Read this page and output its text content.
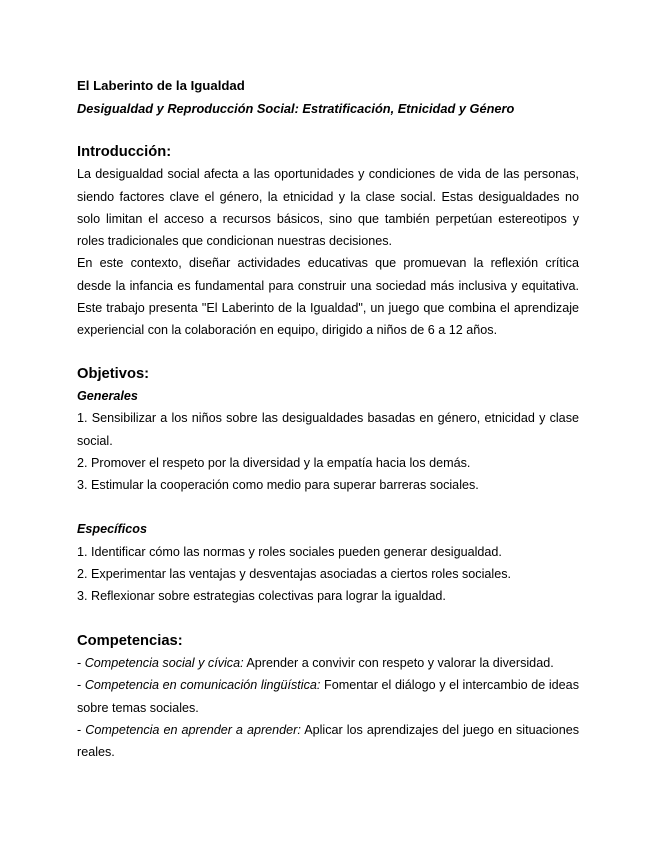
El Laberinto de la Igualdad
Desigualdad y Reproducción Social: Estratificación, Etnicidad y Género
Introducción:

La desigualdad social afecta a las oportunidades y condiciones de vida de las personas, siendo factores clave el género, la etnicidad y la clase social. Estas desigualdades no solo limitan el acceso a recursos básicos, sino que también perpetúan estereotipos y roles tradicionales que condicionan nuestras decisiones.

En este contexto, diseñar actividades educativas que promuevan la reflexión crítica desde la infancia es fundamental para construir una sociedad más inclusiva y equitativa. Este trabajo presenta "El Laberinto de la Igualdad", un juego que combina el aprendizaje experiencial con la colaboración en equipo, dirigido a niños de 6 a 12 años.

Objetivos:
Generales

1. Sensibilizar a los niños sobre las desigualdades basadas en género, etnicidad y clase social.

2. Promover el respeto por la diversidad y la empatía hacia los demás.

3. Estimular la cooperación como medio para superar barreras sociales.

Específicos

1. Identificar cómo las normas y roles sociales pueden generar desigualdad.

2. Experimentar las ventajas y desventajas asociadas a ciertos roles sociales.

3. Reflexionar sobre estrategias colectivas para lograr la igualdad.

Competencias:

- Competencia social y cívica: Aprender a convivir con respeto y valorar la diversidad.

- Competencia en comunicación lingüística: Fomentar el diálogo y el intercambio de ideas sobre temas sociales.

- Competencia en aprender a aprender: Aplicar los aprendizajes del juego en situaciones reales.
